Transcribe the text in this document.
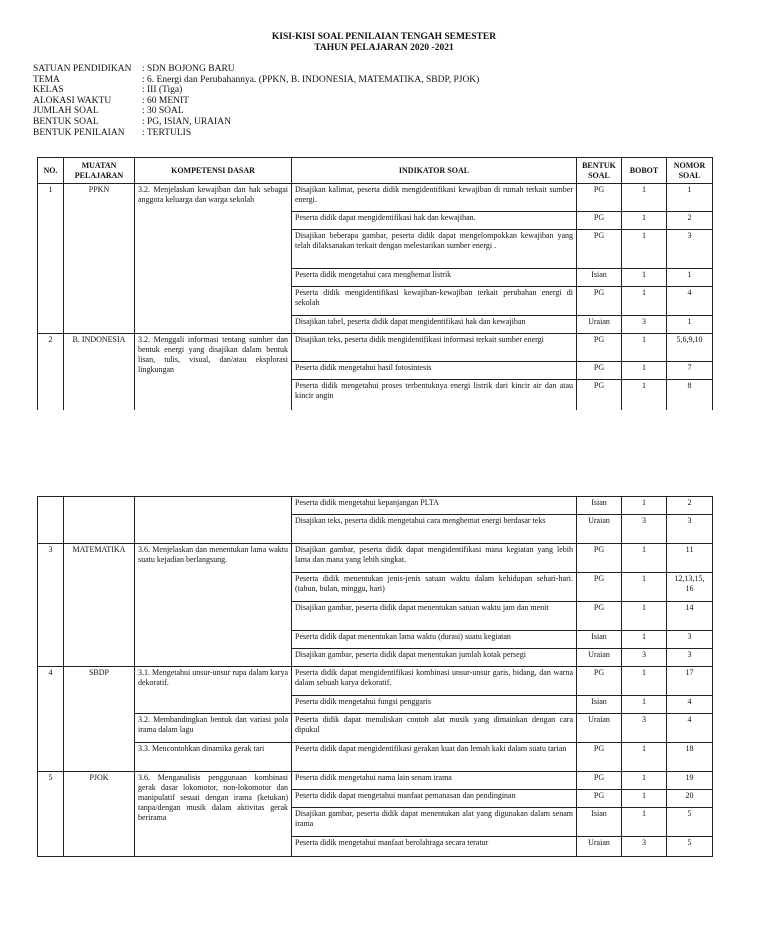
KISI-KISI SOAL PENILAIAN TENGAH SEMESTER
TAHUN PELAJARAN 2020 -2021
SATUAN PENDIDIKAN	: SDN BOJONG BARU
TEMA	: 6. Energi dan Perubahannya. (PPKN, B. INDONESIA, MATEMATIKA, SBDP, PJOK)
KELAS	: III (Tiga)
ALOKASI WAKTU	: 60 MENIT
JUMLAH SOAL	: 30 SOAL
BENTUK SOAL	: PG, ISIAN, URAIAN
BENTUK PENILAIAN	: TERTULIS
NO.	MUATAN PELAJARAN	KOMPETENSI DASAR	INDIKATOR SOAL	BENTUK SOAL	BOBOT	NOMOR SOAL
1	PPKN	3.2. Menjelaskan kewajiban dan hak sebagai anggota keluarga dan warga sekolah	Disajikan kalimat, peserta didik mengidentifikasi kewajiban di rumah terkait sumber energi.	PG	1	1
			Peserta didik dapat mengidentifikasi hak dan kewajiban.	PG	1	2
			Disajikan beberapa gambar, peserta didik dapat mengelompokkan kewajiban yang telah dilaksanakan terkait dengan melestarikan sumber energi .	PG	1	3
			Peserta didik mengetahui cara menghemat listrik	Isian	1	1
			Peserta didik mengidentifikasi kewajiban-kewajiban terkait perubahan energi di sekolah	PG	1	4
			Disajikan tabel, peserta didik dapat mengidentifikasi hak dan kewajiban	Uraian	3	1
2	B. INDONESIA	3.2. Menggali informasi tentang sumber dan bentuk energi yang disajikan dalam bentuk lisan, tulis, visual, dan/atau eksplorasi lingkungan	Disajikan teks, peserta didik mengidentifikasi informasi terkait sumber energi	PG	1	5,6,9,10
			Peserta didik mengetahui hasil fotosintesis	PG	1	7
			Peserta didik mengetahui proses terbentuknya energi listrik dari kincir air dan atau kincir angin	PG	1	8
			Peserta didik mengetahui kepanjangan PLTA	Isian	1	2
			Disajikan teks, peserta didik mengetahui cara menghemat energi berdasar teks	Uraian	3	3
3	MATEMATIKA	3.6. Menjelaskan dan menentukan lama waktu suatu kejadian berlangsung.	Disajikan gambar, peserta didik dapat mengidentifikasi mana kegiatan yang lebih lama dan mana yang lebih singkat.	PG	1	11
			Peserta didik menentukan jenis-jenis satuan waktu dalam kehidupan sehari-hari. (tahun, bulan, minggu, hari)	PG	1	12,13,15, 16
			Disajikan gambar, peserta didik dapat menentukan satuan waktu jam dan menit	PG	1	14
			Peserta didik dapat menentukan lama waktu (durasi) suatu kegiatan	Isian	1	3
			Disajikan gambar, peserta didik dapat menentukan jumlah kotak persegi	Uraian	3	3
4	SBDP	3.1. Mengetahui unsur-unsur rupa dalam karya dekoratif.	Peserta didik dapat mengidentifikasi kombinasi unsur-unsur garis, bidang, dan warna dalam sebuah karya dekoratif.	PG	1	17
			Peserta didik mengetahui fungsi penggaris	Isian	1	4
		3.2. Membandingkan bentuk dan variasi pola irama dalam lagu	Peserta didik dapat menuliskan contoh alat musik yang dimainkan dengan cara dipukul	Uraian	3	4
		3.3. Mencontohkan dinamika gerak tari	Peserta didik dapat mengidentifikasi gerakan kuat dan lemah kaki dalam suatu tarian	PG	1	18
5	PJOK	3.6. Menganalisis penggunaan kombinasi gerak dasar lokomotor, non-lokomotor dan manipulatif sesuai dengan irama (ketukan) tanpa/dengan musik dalam aktivitas gerak berirama	Peserta didik mengetahui nama lain senam irama	PG	1	19
			Peserta didik dapat mengetahui manfaat pemanasan dan pendinginan	PG	1	20
			Disajikan gambar, peserta didik dapat menentukan alat yang digunakan dalam senam irama	Isian	1	5
			Peserta didik mengetahui manfaat berolahraga secara teratur	Uraian	3	5
